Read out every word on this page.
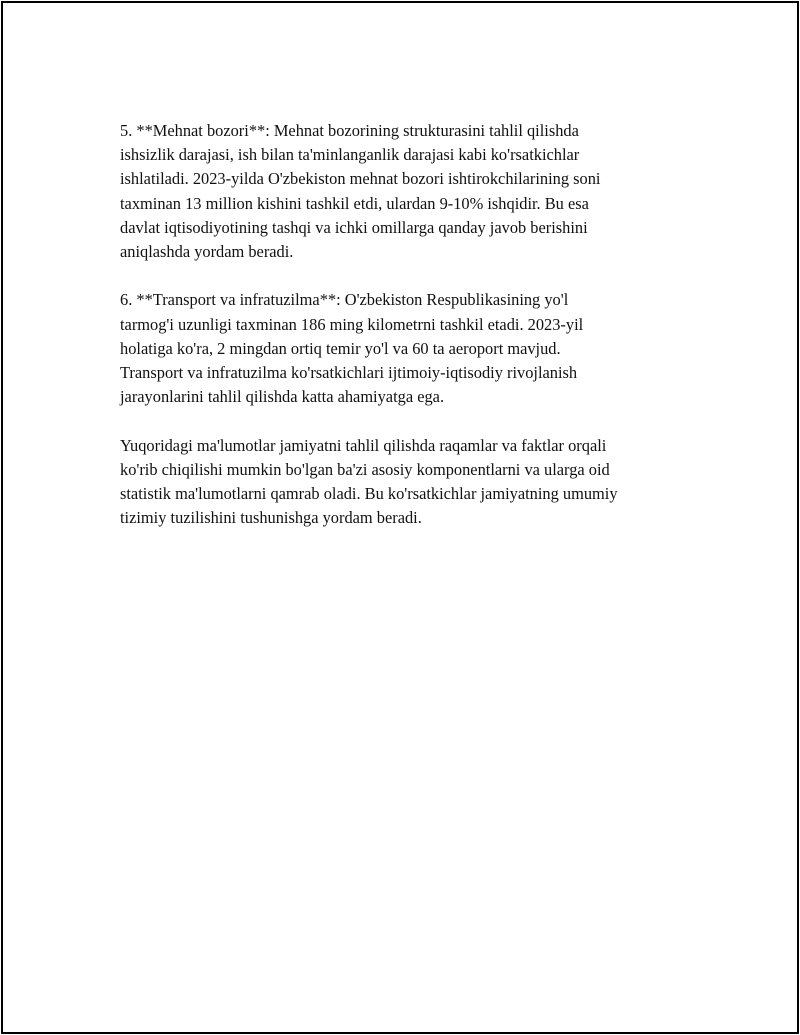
5. **Mehnat bozori**: Mehnat bozorining strukturasini tahlil qilishda
ishsizlik darajasi, ish bilan ta'minlanganlik darajasi kabi ko'rsatkichlar
ishlatiladi. 2023-yilda O'zbekiston mehnat bozori ishtirokchilarining soni
taxminan 13 million kishini tashkil etdi, ulardan 9-10% ishqidir. Bu esa
davlat iqtisodiyotining tashqi va ichki omillarga qanday javob berishini
aniqlashda yordam beradi.

6. **Transport va infratuzilma**: O'zbekiston Respublikasining yo'l
tarmog'i uzunligi taxminan 186 ming kilometrni tashkil etadi. 2023-yil
holatiga ko'ra, 2 mingdan ortiq temir yo'l va 60 ta aeroport mavjud.
Transport va infratuzilma ko'rsatkichlari ijtimoiy-iqtisodiy rivojlanish
jarayonlarini tahlil qilishda katta ahamiyatga ega.

Yuqoridagi ma'lumotlar jamiyatni tahlil qilishda raqamlar va faktlar orqali
ko'rib chiqilishi mumkin bo'lgan ba'zi asosiy komponentlarni va ularga oid
statistik ma'lumotlarni qamrab oladi. Bu ko'rsatkichlar jamiyatning umumiy
tizimiy tuzilishini tushunishga yordam beradi.
